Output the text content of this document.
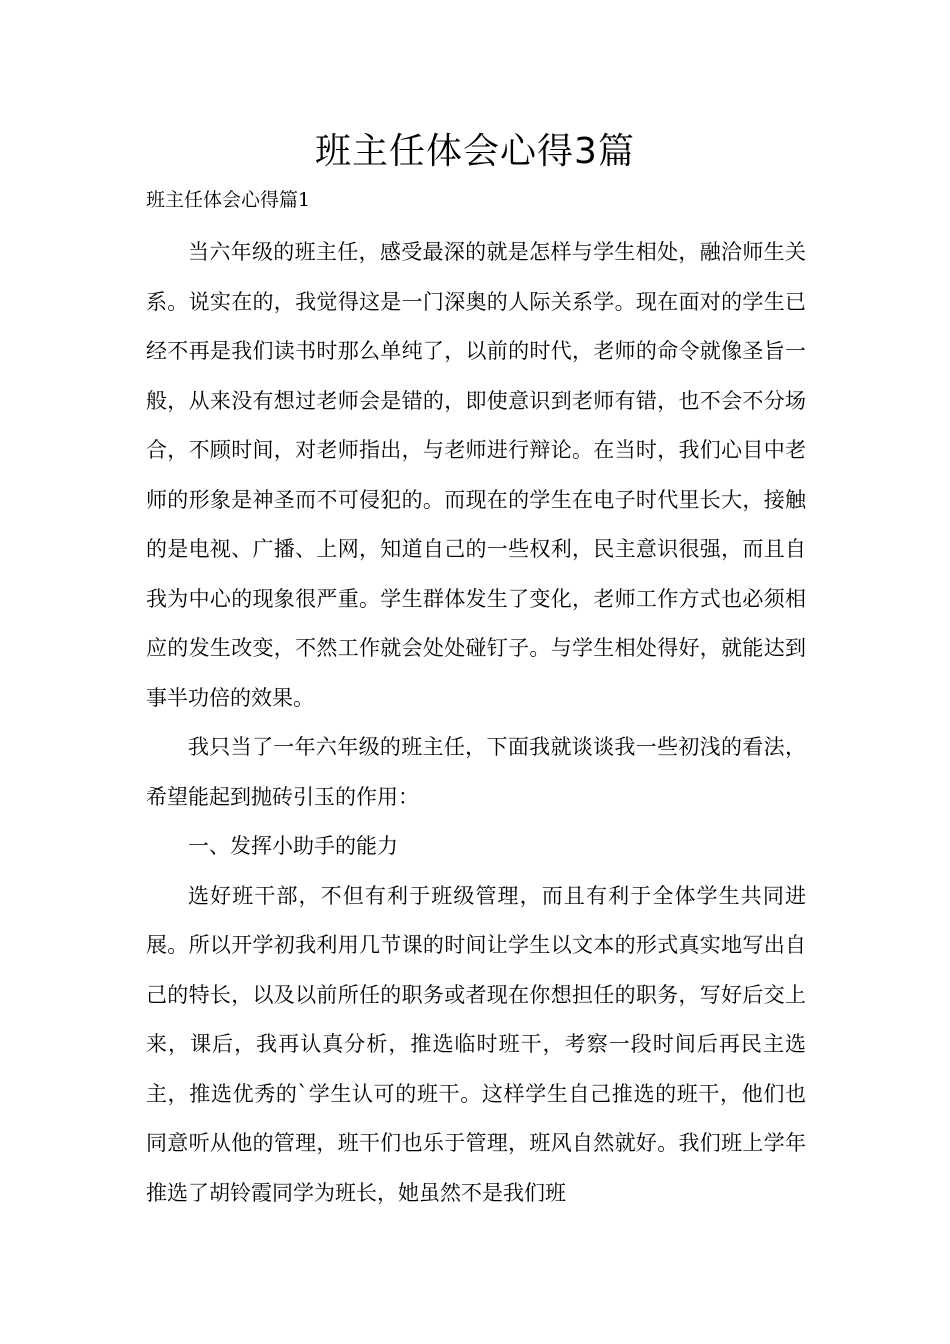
班主任体会心得3篇

班主任体会心得篇1

当六年级的班主任，感受最深的就是怎样与学生相处，融洽师生关系。说实在的，我觉得这是一门深奥的人际关系学。现在面对的学生已经不再是我们读书时那么单纯了，以前的时代，老师的命令就像圣旨一般，从来没有想过老师会是错的，即使意识到老师有错，也不会不分场合，不顾时间，对老师指出，与老师进行辩论。在当时，我们心目中老师的形象是神圣而不可侵犯的。而现在的学生在电子时代里长大，接触的是电视、广播、上网，知道自己的一些权利，民主意识很强，而且自我为中心的现象很严重。学生群体发生了变化，老师工作方式也必须相应的发生改变，不然工作就会处处碰钉子。与学生相处得好，就能达到事半功倍的效果。

我只当了一年六年级的班主任，下面我就谈谈我一些初浅的看法，希望能起到抛砖引玉的作用：

一、发挥小助手的能力

选好班干部，不但有利于班级管理，而且有利于全体学生共同进展。所以开学初我利用几节课的时间让学生以文本的形式真实地写出自己的特长，以及以前所任的职务或者现在你想担任的职务，写好后交上来，课后，我再认真分析，推选临时班干，考察一段时间后再民主选主，推选优秀的`学生认可的班干。这样学生自己推选的班干，他们也同意听从他的管理，班干们也乐于管理，班风自然就好。我们班上学年推选了胡铃霞同学为班长，她虽然不是我们班
